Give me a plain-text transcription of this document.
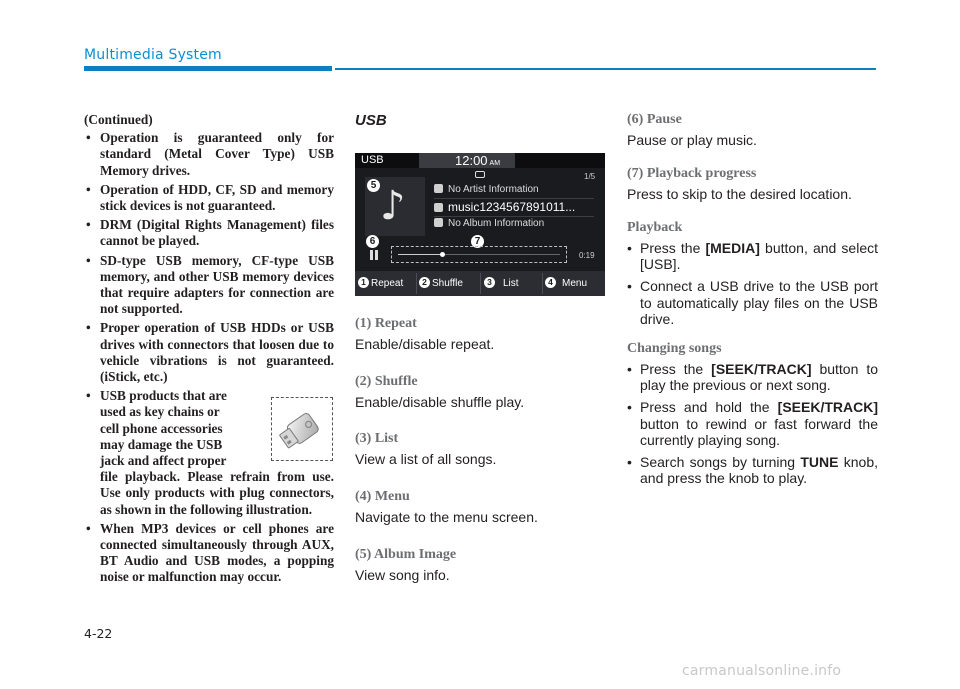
Multimedia System
(Continued)
• Operation is guaranteed only for standard (Metal Cover Type) USB Memory drives.
• Operation of HDD, CF, SD and memory stick devices is not guaranteed.
• DRM (Digital Rights Management) files cannot be played.
• SD-type USB memory, CF-type USB memory, and other USB memory devices that require adapters for connection are not supported.
• Proper operation of USB HDDs or USB drives with connectors that loosen due to vehicle vibrations is not guaranteed. (iStick, etc.)
• USB products that are
used as key chains or
cell phone accessories
may damage the USB
jack and affect proper
file playback. Please refrain from use. Use only products with plug connectors, as shown in the following illustration.
• When MP3 devices or cell phones are connected simultaneously through AUX, BT Audio and USB modes, a popping noise or malfunction may occur.
4-22
USB
USB	12:00 AM
1/5
♪
5	No Artist Information
music1234567891011...
No Album Information
6	7
0:19
1 Repeat	2 Shuffle	3 List	4 Menu
(1) Repeat
Enable/disable repeat.
(2) Shuffle
Enable/disable shuffle play.
(3) List
View a list of all songs.
(4) Menu
Navigate to the menu screen.
(5) Album Image
View song info.
(6) Pause
Pause or play music.
(7) Playback progress
Press to skip to the desired location.
Playback
• Press the [MEDIA] button, and select [USB].
• Connect a USB drive to the USB port to automatically play files on the USB drive.
Changing songs
• Press the [SEEK/TRACK] button to play the previous or next song.
• Press and hold the [SEEK/TRACK] button to rewind or fast forward the currently playing song.
• Search songs by turning TUNE knob, and press the knob to play.
carmanualsonline.info
